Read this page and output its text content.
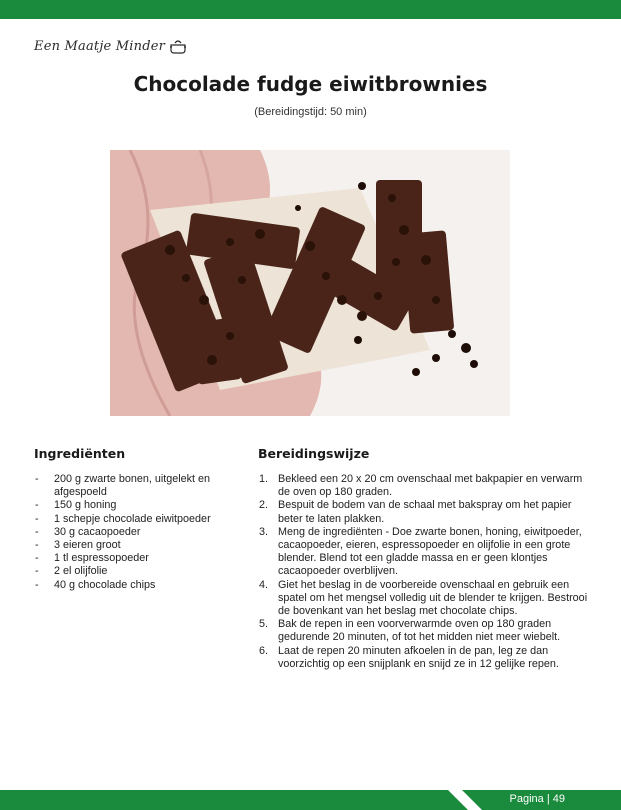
Een Maatje Minder
Chocolade fudge eiwitbrownies
(Bereidingstijd: 50 min)
Ingrediënten	Bereidingswijze
- 200 g zwarte bonen, uitgelekt en afgespoeld
- 150 g honing
- 1 schepje chocolade eiwitpoeder
- 30 g cacaopoeder
- 3 eieren groot
- 1 tl espressopoeder
- 2 el olijfolie
- 40 g chocolade chips
1. Bekleed een 20 x 20 cm ovenschaal met bakpapier en verwarm de oven op 180 graden.
2. Bespuit de bodem van de schaal met bakspray om het papier beter te laten plakken.
3. Meng de ingrediënten - Doe zwarte bonen, honing, eiwitpoeder, cacaopoeder, eieren, espressopoeder en olijfolie in een grote blender. Blend tot een gladde massa en er geen klontjes cacaopoeder overblijven.
4. Giet het beslag in de voorbereide ovenschaal en gebruik een spatel om het mengsel volledig uit de blender te krijgen. Bestrooi de bovenkant van het beslag met chocolate chips.
5. Bak de repen in een voorverwarmde oven op 180 graden gedurende 20 minuten, of tot het midden niet meer wiebelt.
6. Laat de repen 20 minuten afkoelen in de pan, leg ze dan voorzichtig op een snijplank en snijd ze in 12 gelijke repen.
Pagina | 49
